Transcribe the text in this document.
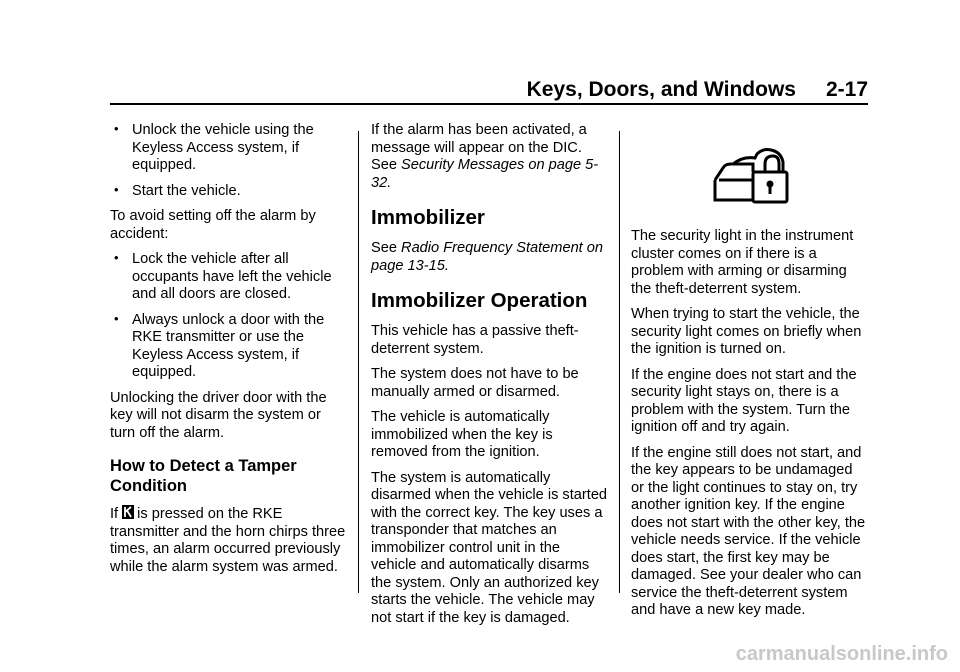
Keys, Doors, and Windows 2-17
• Unlock the vehicle using the Keyless Access system, if equipped.
• Start the vehicle.

To avoid setting off the alarm by accident:

• Lock the vehicle after all occupants have left the vehicle and all doors are closed.
• Always unlock a door with the RKE transmitter or use the Keyless Access system, if equipped.

Unlocking the driver door with the key will not disarm the system or turn off the alarm.

How to Detect a Tamper Condition

If is pressed on the RKE transmitter and the horn chirps three times, an alarm occurred previously while the alarm system was armed.

If the alarm has been activated, a message will appear on the DIC. See Security Messages on page 5-32.

Immobilizer

See Radio Frequency Statement on page 13-15.

Immobilizer Operation

This vehicle has a passive theft-deterrent system.

The system does not have to be manually armed or disarmed.

The vehicle is automatically immobilized when the key is removed from the ignition.

The system is automatically disarmed when the vehicle is started with the correct key. The key uses a transponder that matches an immobilizer control unit in the vehicle and automatically disarms the system. Only an authorized key starts the vehicle. The vehicle may not start if the key is damaged.

The security light in the instrument cluster comes on if there is a problem with arming or disarming the theft-deterrent system.

When trying to start the vehicle, the security light comes on briefly when the ignition is turned on.

If the engine does not start and the security light stays on, there is a problem with the system. Turn the ignition off and try again.

If the engine still does not start, and the key appears to be undamaged or the light continues to stay on, try another ignition key. If the engine does not start with the other key, the vehicle needs service. If the vehicle does start, the first key may be damaged. See your dealer who can service the theft-deterrent system and have a new key made.

carmanualsonline.info
